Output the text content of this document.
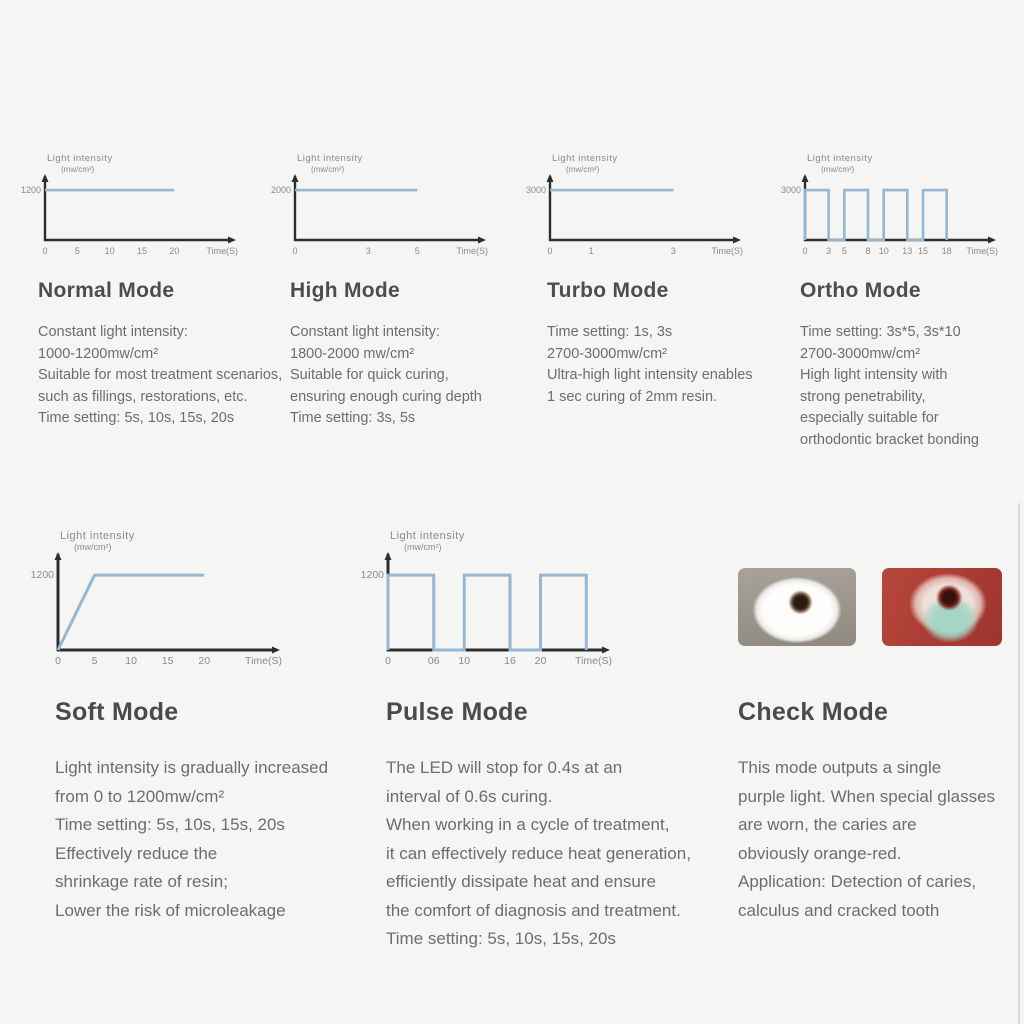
Light intensity
(mw/cm²)
1200
0	5	10 15 20	Time(S)
Light intensity
(mw/cm²)
2000
0	3	5	Time(S)
Light intensity
(mw/cm²)
3000
0	1	3	Time(S)
Light intensity
(mw/cm²)
3000
0 3 5 8 10 13 15 18 Time(S)
Normal Mode	High Mode	Turbo Mode	Ortho Mode
Constant light intensity:
1000-1200mw/cm²
Suitable for most treatment scenarios,
such as fillings, restorations, etc.
Time setting: 5s, 10s, 15s, 20s
Constant light intensity:
1800-2000 mw/cm²
Suitable for quick curing,
ensuring enough curing depth
Time setting: 3s, 5s
Time setting: 1s, 3s
2700-3000mw/cm²
Ultra-high light intensity enables
1 sec curing of 2mm resin.
Time setting: 3s*5, 3s*10
2700-3000mw/cm²
High light intensity with
strong penetrability,
especially suitable for
orthodontic bracket bonding
Light intensity
(mw/cm²)
1200
0	5	10 15 20	Time(S)
Light intensity
(mw/cm²)
1200
0	06 10	16 20	Time(S)
Soft Mode	Pulse Mode	Check Mode
Light intensity is gradually increased
from 0 to 1200mw/cm²
Time setting: 5s, 10s, 15s, 20s
Effectively reduce the
shrinkage rate of resin;
Lower the risk of microleakage
The LED will stop for 0.4s at an
interval of 0.6s curing.
When working in a cycle of treatment,
it can effectively reduce heat generation,
efficiently dissipate heat and ensure
the comfort of diagnosis and treatment.
Time setting: 5s, 10s, 15s, 20s
This mode outputs a single
purple light. When special glasses
are worn, the caries are
obviously orange-red.
Application: Detection of caries,
calculus and cracked tooth
